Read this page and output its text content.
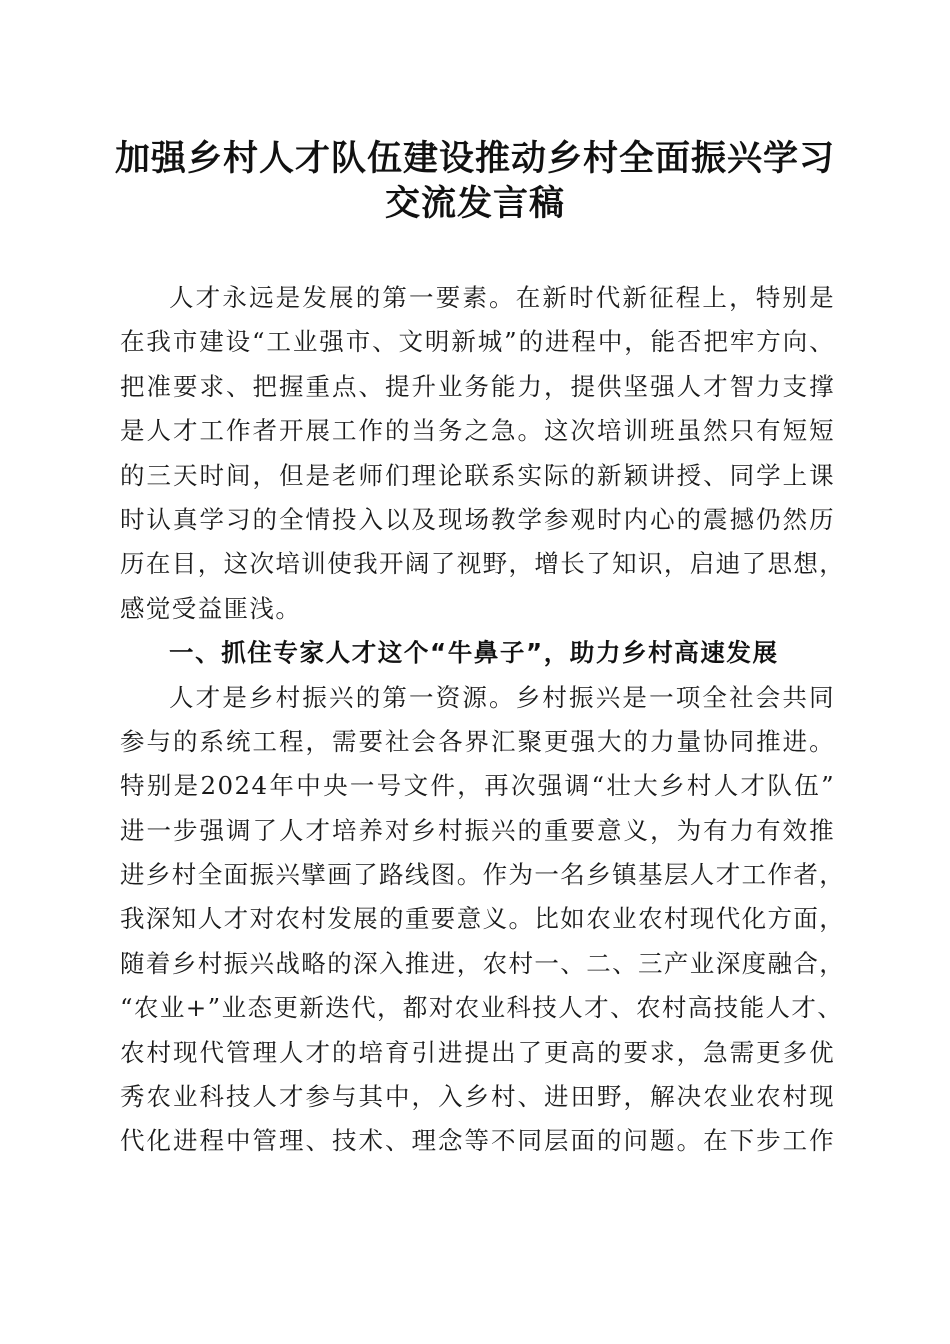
加强乡村人才队伍建设推动乡村全面振兴学习
交流发言稿
人才永远是发展的第一要素。在新时代新征程上，特别是
在我市建设“工业强市、文明新城”的进程中，能否把牢方向、
把准要求、把握重点、提升业务能力，提供坚强人才智力支撑
是人才工作者开展工作的当务之急。这次培训班虽然只有短短
的三天时间，但是老师们理论联系实际的新颖讲授、同学上课
时认真学习的全情投入以及现场教学参观时内心的震撼仍然历
历在目，这次培训使我开阔了视野，增长了知识，启迪了思想，
感觉受益匪浅。
一、抓住专家人才这个“牛鼻子”，助力乡村高速发展
人才是乡村振兴的第一资源。乡村振兴是一项全社会共同
参与的系统工程，需要社会各界汇聚更强大的力量协同推进。
特别是2024年中央一号文件，再次强调“壮大乡村人才队伍”
进一步强调了人才培养对乡村振兴的重要意义，为有力有效推
进乡村全面振兴擘画了路线图。作为一名乡镇基层人才工作者，
我深知人才对农村发展的重要意义。比如农业农村现代化方面，
随着乡村振兴战略的深入推进，农村一、二、三产业深度融合，
“农业+”业态更新迭代，都对农业科技人才、农村高技能人才、
农村现代管理人才的培育引进提出了更高的要求，急需更多优
秀农业科技人才参与其中，入乡村、进田野，解决农业农村现
代化进程中管理、技术、理念等不同层面的问题。在下步工作
